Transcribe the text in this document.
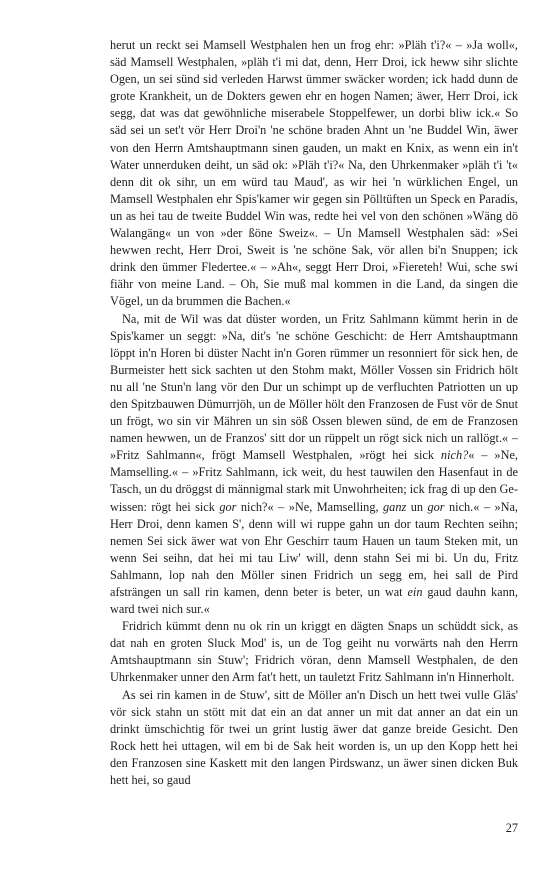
herut un reckt sei Mamsell Westphalen hen un frog ehr: »Pläh t'i?« – »Ja woll«, säd Mamsell Westphalen, »pläh t'i mi dat, denn, Herr Droi, ick heww sihr slichte Ogen, un sei sünd sid verleden Harwst ümmer swäcker worden; ick hadd dunn de grote Krankheit, un de Dokters gewen ehr en hogen Namen; äwer, Herr Droi, ick segg, dat was dat gewöhnliche miserabele Stoppelfewer, un dorbi bliw ick.« So säd sei un set't vör Herr Droi'n 'ne schöne braden Ahnt un 'ne Buddel Win, äwer von den Herrn Amtshauptmann sinen gauden, un makt en Knix, as wenn ein in't Water unnerduken deiht, un säd ok: »Pläh t'i?« Na, den Uhrkenmaker »pläh t'i 't« denn dit ok sihr, un em würd tau Maud', as wir hei 'n würklichen Engel, un Mamsell Westphalen ehr Spis'kamer wir gegen sin Pölltüften un Speck en Paradis, un as hei tau de tweite Buddel Win was, redte hei vel von den schönen »Wäng dö Walangäng« un von »der ßöne Sweiz«. – Un Mamsell Westphalen säd: »Sei hewwen recht, Herr Droi, Sweit is 'ne schöne Sak, vör allen bi'n Snuppen; ick drink den ümmer Fledertee.« – »Ah«, seggt Herr Droi, »Fiereteh! Wui, sche swi fiähr von meine Land. – Oh, Sie muß mal kommen in die Land, da singen die Vögel, un da brummen die Bachen.«

Na, mit de Wil was dat düster worden, un Fritz Sahlmann kümmt herin in de Spis'kamer un seggt: »Na, dit's 'ne schöne Geschicht: de Herr Amtshauptmann löppt in'n Horen bi düster Nacht in'n Goren rümmer un resonniert för sick hen, de Burmeister hett sick sachten ut den Stohm makt, Möller Vossen sin Fridrich hölt nu all 'ne Stun'n lang vör den Dur un schimpt up de verfluchten Patriotten un up den Spitzbauwen Dümurrjöh, un de Möller hölt den Franzosen de Fust vör de Snut un frögt, wo sin vir Mähren un sin söß Ossen blewen sünd, de em de Franzosen namen hewwen, un de Franzos' sitt dor un rüppelt un rögt sick nich un rallögt.« – »Fritz Sahlmann«, frögt Mamsell Westphalen, »rögt hei sick nich?« – »Ne, Mamselling.« – »Fritz Sahlmann, ick weit, du hest tauwilen den Hasenfaut in de Tasch, un du dröggst di männigmal stark mit Unwohrheiten; ick frag di up den Gewissen: rögt hei sick gor nich?« – »Ne, Mamselling, ganz un gor nich.« – »Na, Herr Droi, denn kamen S', denn will wi ruppe gahn un dor taum Rechten seihn; nemen Sei sick äwer wat von Ehr Geschirr taum Hauen un taum Steken mit, un wenn Sei seihn, dat hei mi tau Liw' will, denn stahn Sei mi bi. Un du, Fritz Sahlmann, lop nah den Möller sinen Fridrich un segg em, hei sall de Pird afsträngen un sall rin kamen, denn beter is beter, un wat ein gaud dauhn kann, ward twei nich sur.«

Fridrich kümmt denn nu ok rin un kriggt en dägten Snaps un schüddt sick, as dat nah en groten Sluck Mod' is, un de Tog geiht nu vorwärts nah den Herrn Amtshauptmann sin Stuw'; Fridrich vöran, denn Mamsell Westphalen, de den Uhrkenmaker unner den Arm fat't hett, un tauletzt Fritz Sahlmann in'n Hinnerholt.

As sei rin kamen in de Stuw', sitt de Möller an'n Disch un hett twei vulle Gläs' vör sick stahn un stött mit dat ein an dat anner un mit dat anner an dat ein un drinkt ümschichtig för twei un grint lustig äwer dat ganze breide Gesicht. Den Rock hett hei uttagen, wil em bi de Sak heit worden is, un up den Kopp hett hei den Franzosen sine Kaskett mit den langen Pirdswanz, un äwer sinen dicken Buk hett hei, so gaud

27
